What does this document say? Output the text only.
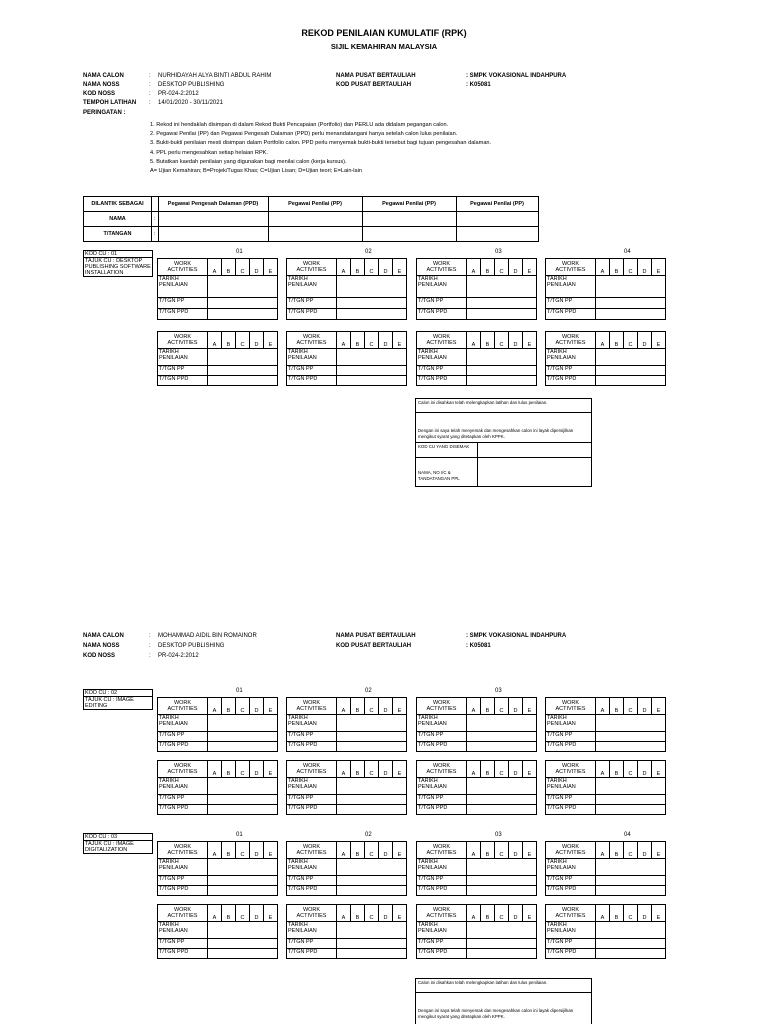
REKOD PENILAIAN KUMULATIF (RPK)
SIJIL KEMAHIRAN MALAYSIA
NAMA CALON	: NURHIDAYAH ALYA BINTI ABDUL RAHIM
NAMA NOSS	: DESKTOP PUBLISHING
KOD NOSS	: PR-024-2:2012
TEMPOH LATIHAN : 14/01/2020 - 30/11/2021
PERINGATAN :
NAMA PUSAT BERTAULIAH	: SMPK VOKASIONAL INDAHPURA
KOD PUSAT BERTAULIAH	: K05081
1. Rekod ini hendaklah disimpan di dalam Rekod Bukti Pencapaian (Portfolio) dan PERLU ada didalam pegangan calon.
2. Pegawai Penilai (PP) dan Pegawai Pengesah Dalaman (PPD) perlu menandatangani hanya setelah calon lulus penilaian.
3. Bukti-bukti penilaian mesti disimpan dalam Portfolio calon. PPD perlu menyemak bukti-bukti tersebut bagi tujuan pengesahan dalaman.
4. PPL perlu mengesahkan setiap helaian RPK.
5. Butatkan kaedah penilaian yang digunakan bagi menilai calon (kerja kursus).
A= Ujian Kemahiran; B=Projek/Tugas Khas; C=Ujian Lisan; D=Ujian teori; E=Lain-lain
DILANTIK SEBAGAI		Pegawai Pengesah Dalaman (PPD)	Pegawai Penilai (PP)	Pegawai Penilai (PP)	Pegawai Penilai (PP)
NAMA	:				
T/TANGAN	:				
KOD CU : 01
TAJUK CU : DESKTOP PUBLISHING SOFTWARE INSTALLATION
NAMA CALON	: MOHAMMAD AIDIL BIN ROMAINOR
NAMA NOSS	: DESKTOP PUBLISHING
KOD NOSS	: PR-024-2:2012
NAMA PUSAT BERTAULIAH	: SMPK VOKASIONAL INDAHPURA
KOD PUSAT BERTAULIAH	: K05081
KOD CU : 02
TAJUK CU : IMAGE EDITING
KOD CU : 03
TAJUK CU : IMAGE DIGITALIZATION
Calon ini disahkan telah melengkapkan latihan dan lulus penilaian.
Dengan ini saya telah menyemak dan mengesahkan calon ini layak dipersijilkan mengikut syarat yang ditetapkan oleh KPPK.
KOD CU YANG DISEMAK
NAMA, NO I/C & TANDATANGAN PPL
Calon ini disahkan telah melengkapkan latihan dan lulus penilaian.
Dengan ini saya telah menyemak dan mengesahkan calon ini layak dipersijilkan mengikut syarat yang ditetapkan oleh KPPK.
01
WORK
ACTIVITIES	A	B	C	D	E
TARIKH
PENILAIAN					
T/TGN PP					
T/TGN PPD					
02
WORK
ACTIVITIES	A	B	C	D	E
TARIKH
PENILAIAN					
T/TGN PP					
T/TGN PPD					
03
WORK
ACTIVITIES	A	B	C	D	E
TARIKH
PENILAIAN					
T/TGN PP					
T/TGN PPD					
04
WORK
ACTIVITIES	A	B	C	D	E
TARIKH
PENILAIAN					
T/TGN PP					
T/TGN PPD					
WORK
ACTIVITIES	A	B	C	D	E
TARIKH
PENILAIAN					
T/TGN PP					
T/TGN PPD					
WORK
ACTIVITIES	A	B	C	D	E
TARIKH
PENILAIAN					
T/TGN PP					
T/TGN PPD					
WORK
ACTIVITIES	A	B	C	D	E
TARIKH
PENILAIAN					
T/TGN PP					
T/TGN PPD					
WORK
ACTIVITIES	A	B	C	D	E
TARIKH
PENILAIAN					
T/TGN PP					
T/TGN PPD					
01
WORK
ACTIVITIES	A	B	C	D	E
TARIKH
PENILAIAN					
T/TGN PP					
T/TGN PPD					
02
WORK
ACTIVITIES	A	B	C	D	E
TARIKH
PENILAIAN					
T/TGN PP					
T/TGN PPD					
03
WORK
ACTIVITIES	A	B	C	D	E
TARIKH
PENILAIAN					
T/TGN PP					
T/TGN PPD					
WORK
ACTIVITIES	A	B	C	D	E
TARIKH
PENILAIAN					
T/TGN PP					
T/TGN PPD					
WORK
ACTIVITIES	A	B	C	D	E
TARIKH
PENILAIAN					
T/TGN PP					
T/TGN PPD					
WORK
ACTIVITIES	A	B	C	D	E
TARIKH
PENILAIAN					
T/TGN PP					
T/TGN PPD					
WORK
ACTIVITIES	A	B	C	D	E
TARIKH
PENILAIAN					
T/TGN PP					
T/TGN PPD					
WORK
ACTIVITIES	A	B	C	D	E
TARIKH
PENILAIAN					
T/TGN PP					
T/TGN PPD					
01
WORK
ACTIVITIES	A	B	C	D	E
TARIKH
PENILAIAN					
T/TGN PP					
T/TGN PPD					
02
WORK
ACTIVITIES	A	B	C	D	E
TARIKH
PENILAIAN					
T/TGN PP					
T/TGN PPD					
03
WORK
ACTIVITIES	A	B	C	D	E
TARIKH
PENILAIAN					
T/TGN PP					
T/TGN PPD					
04
WORK
ACTIVITIES	A	B	C	D	E
TARIKH
PENILAIAN					
T/TGN PP					
T/TGN PPD					
WORK
ACTIVITIES	A	B	C	D	E
TARIKH
PENILAIAN					
T/TGN PP					
T/TGN PPD					
WORK
ACTIVITIES	A	B	C	D	E
TARIKH
PENILAIAN					
T/TGN PP					
T/TGN PPD					
WORK
ACTIVITIES	A	B	C	D	E
TARIKH
PENILAIAN					
T/TGN PP					
T/TGN PPD					
WORK
ACTIVITIES	A	B	C	D	E
TARIKH
PENILAIAN					
T/TGN PP					
T/TGN PPD					
